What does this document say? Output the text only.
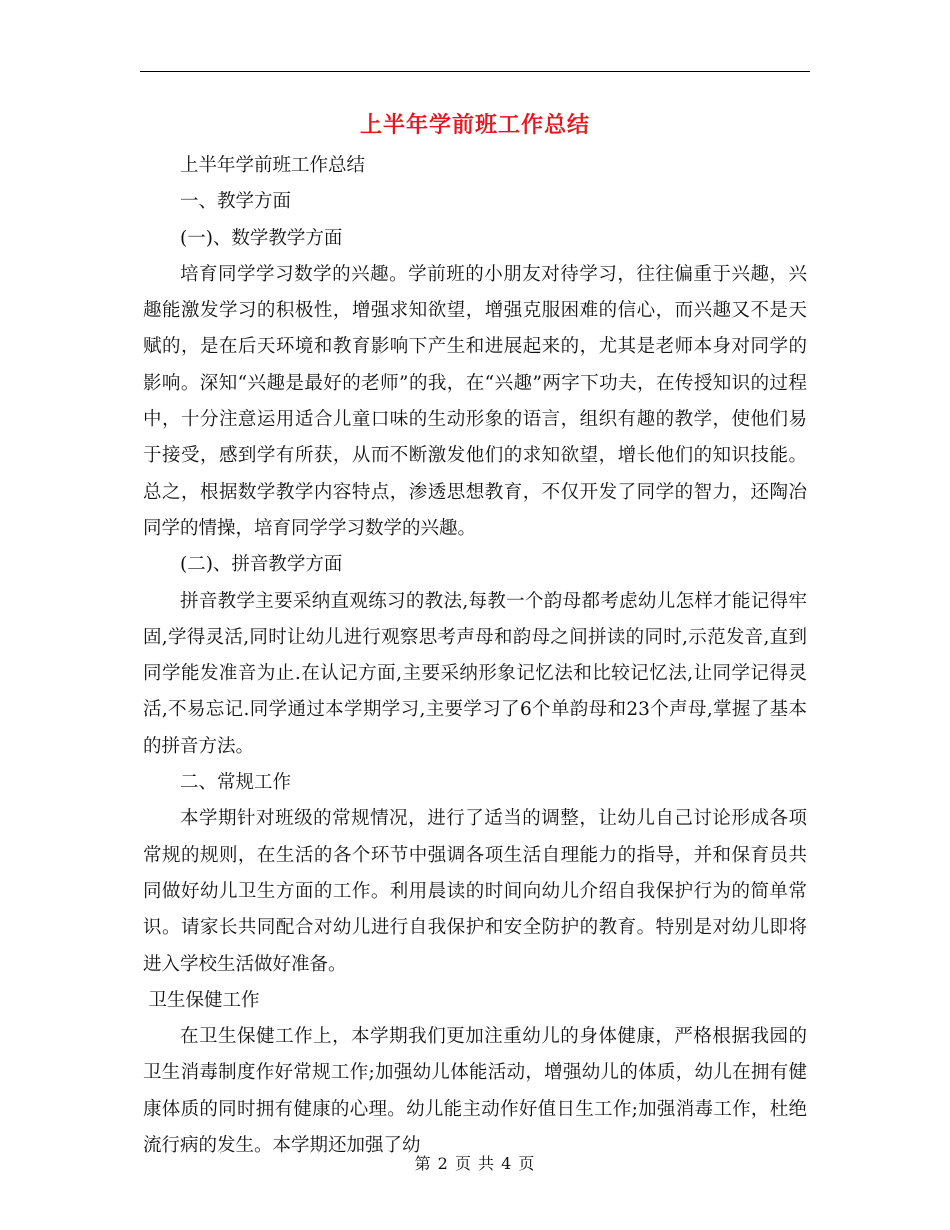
上半年学前班工作总结

上半年学前班工作总结

一、教学方面

(一)、数学教学方面

培育同学学习数学的兴趣。学前班的小朋友对待学习，往往偏重于兴趣，兴趣能激发学习的积极性，增强求知欲望，增强克服困难的信心，而兴趣又不是天赋的，是在后天环境和教育影响下产生和进展起来的，尤其是老师本身对同学的影响。深知“兴趣是最好的老师”的我，在“兴趣”两字下功夫，在传授知识的过程中，十分注意运用适合儿童口味的生动形象的语言，组织有趣的教学，使他们易于接受，感到学有所获，从而不断激发他们的求知欲望，增长他们的知识技能。总之，根据数学教学内容特点，渗透思想教育，不仅开发了同学的智力，还陶冶同学的情操，培育同学学习数学的兴趣。

(二)、拼音教学方面

拼音教学主要采纳直观练习的教法,每教一个韵母都考虑幼儿怎样才能记得牢固,学得灵活,同时让幼儿进行观察思考声母和韵母之间拼读的同时,示范发音,直到同学能发准音为止.在认记方面,主要采纳形象记忆法和比较记忆法,让同学记得灵活,不易忘记.同学通过本学期学习,主要学习了6个单韵母和23个声母,掌握了基本的拼音方法。

二、常规工作

本学期针对班级的常规情况，进行了适当的调整，让幼儿自己讨论形成各项常规的规则，在生活的各个环节中强调各项生活自理能力的指导，并和保育员共同做好幼儿卫生方面的工作。利用晨读的时间向幼儿介绍自我保护行为的简单常识。请家长共同配合对幼儿进行自我保护和安全防护的教育。特别是对幼儿即将进入学校生活做好准备。

卫生保健工作

在卫生保健工作上，本学期我们更加注重幼儿的身体健康，严格根据我园的卫生消毒制度作好常规工作;加强幼儿体能活动，增强幼儿的体质，幼儿在拥有健康体质的同时拥有健康的心理。幼儿能主动作好值日生工作;加强消毒工作，杜绝流行病的发生。本学期还加强了幼

第 2 页 共 4 页
